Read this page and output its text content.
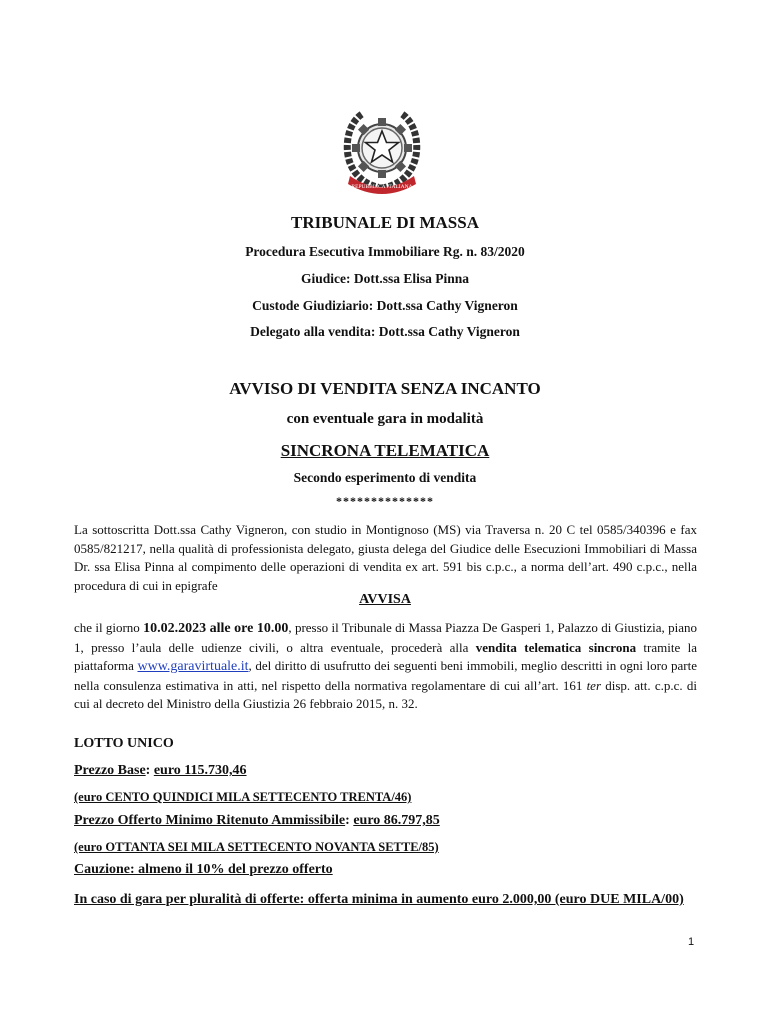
REPUBBLICA ITALIANA
TRIBUNALE DI MASSA
Procedura Esecutiva Immobiliare Rg. n. 83/2020
Giudice: Dott.ssa Elisa Pinna
Custode Giudiziario: Dott.ssa Cathy Vigneron
Delegato alla vendita: Dott.ssa Cathy Vigneron
AVVISO DI VENDITA SENZA INCANTO
con eventuale gara in modalità
SINCRONA TELEMATICA
Secondo esperimento di vendita
**************
La sottoscritta Dott.ssa Cathy Vigneron, con studio in Montignoso (MS) via Traversa n. 20 C tel 0585/340396 e fax 0585/821217, nella qualità di professionista delegato, giusta delega del Giudice delle Esecuzioni Immobiliari di Massa Dr. ssa Elisa Pinna al compimento delle operazioni di vendita ex art. 591 bis c.p.c., a norma dell’art. 490 c.p.c., nella procedura di cui in epigrafe
AVVISA
che il giorno 10.02.2023 alle ore 10.00, presso il Tribunale di Massa Piazza De Gasperi 1, Palazzo di Giustizia, piano 1, presso l’aula delle udienze civili, o altra eventuale, procederà alla vendita telematica sincrona tramite la piattaforma www.garavirtuale.it, del diritto di usufrutto dei seguenti beni immobili, meglio descritti in ogni loro parte nella consulenza estimativa in atti, nel rispetto della normativa regolamentare di cui all’art. 161 ter disp. att. c.p.c. di cui al decreto del Ministro della Giustizia 26 febbraio 2015, n. 32.
LOTTO UNICO
Prezzo Base: euro 115.730,46
(euro CENTO QUINDICI MILA SETTECENTO TRENTA/46)
Prezzo Offerto Minimo Ritenuto Ammissibile: euro 86.797,85
(euro OTTANTA SEI MILA SETTECENTO NOVANTA SETTE/85)
Cauzione: almeno il 10% del prezzo offerto
In caso di gara per pluralità di offerte: offerta minima in aumento euro 2.000,00 (euro DUE MILA/00)
1
